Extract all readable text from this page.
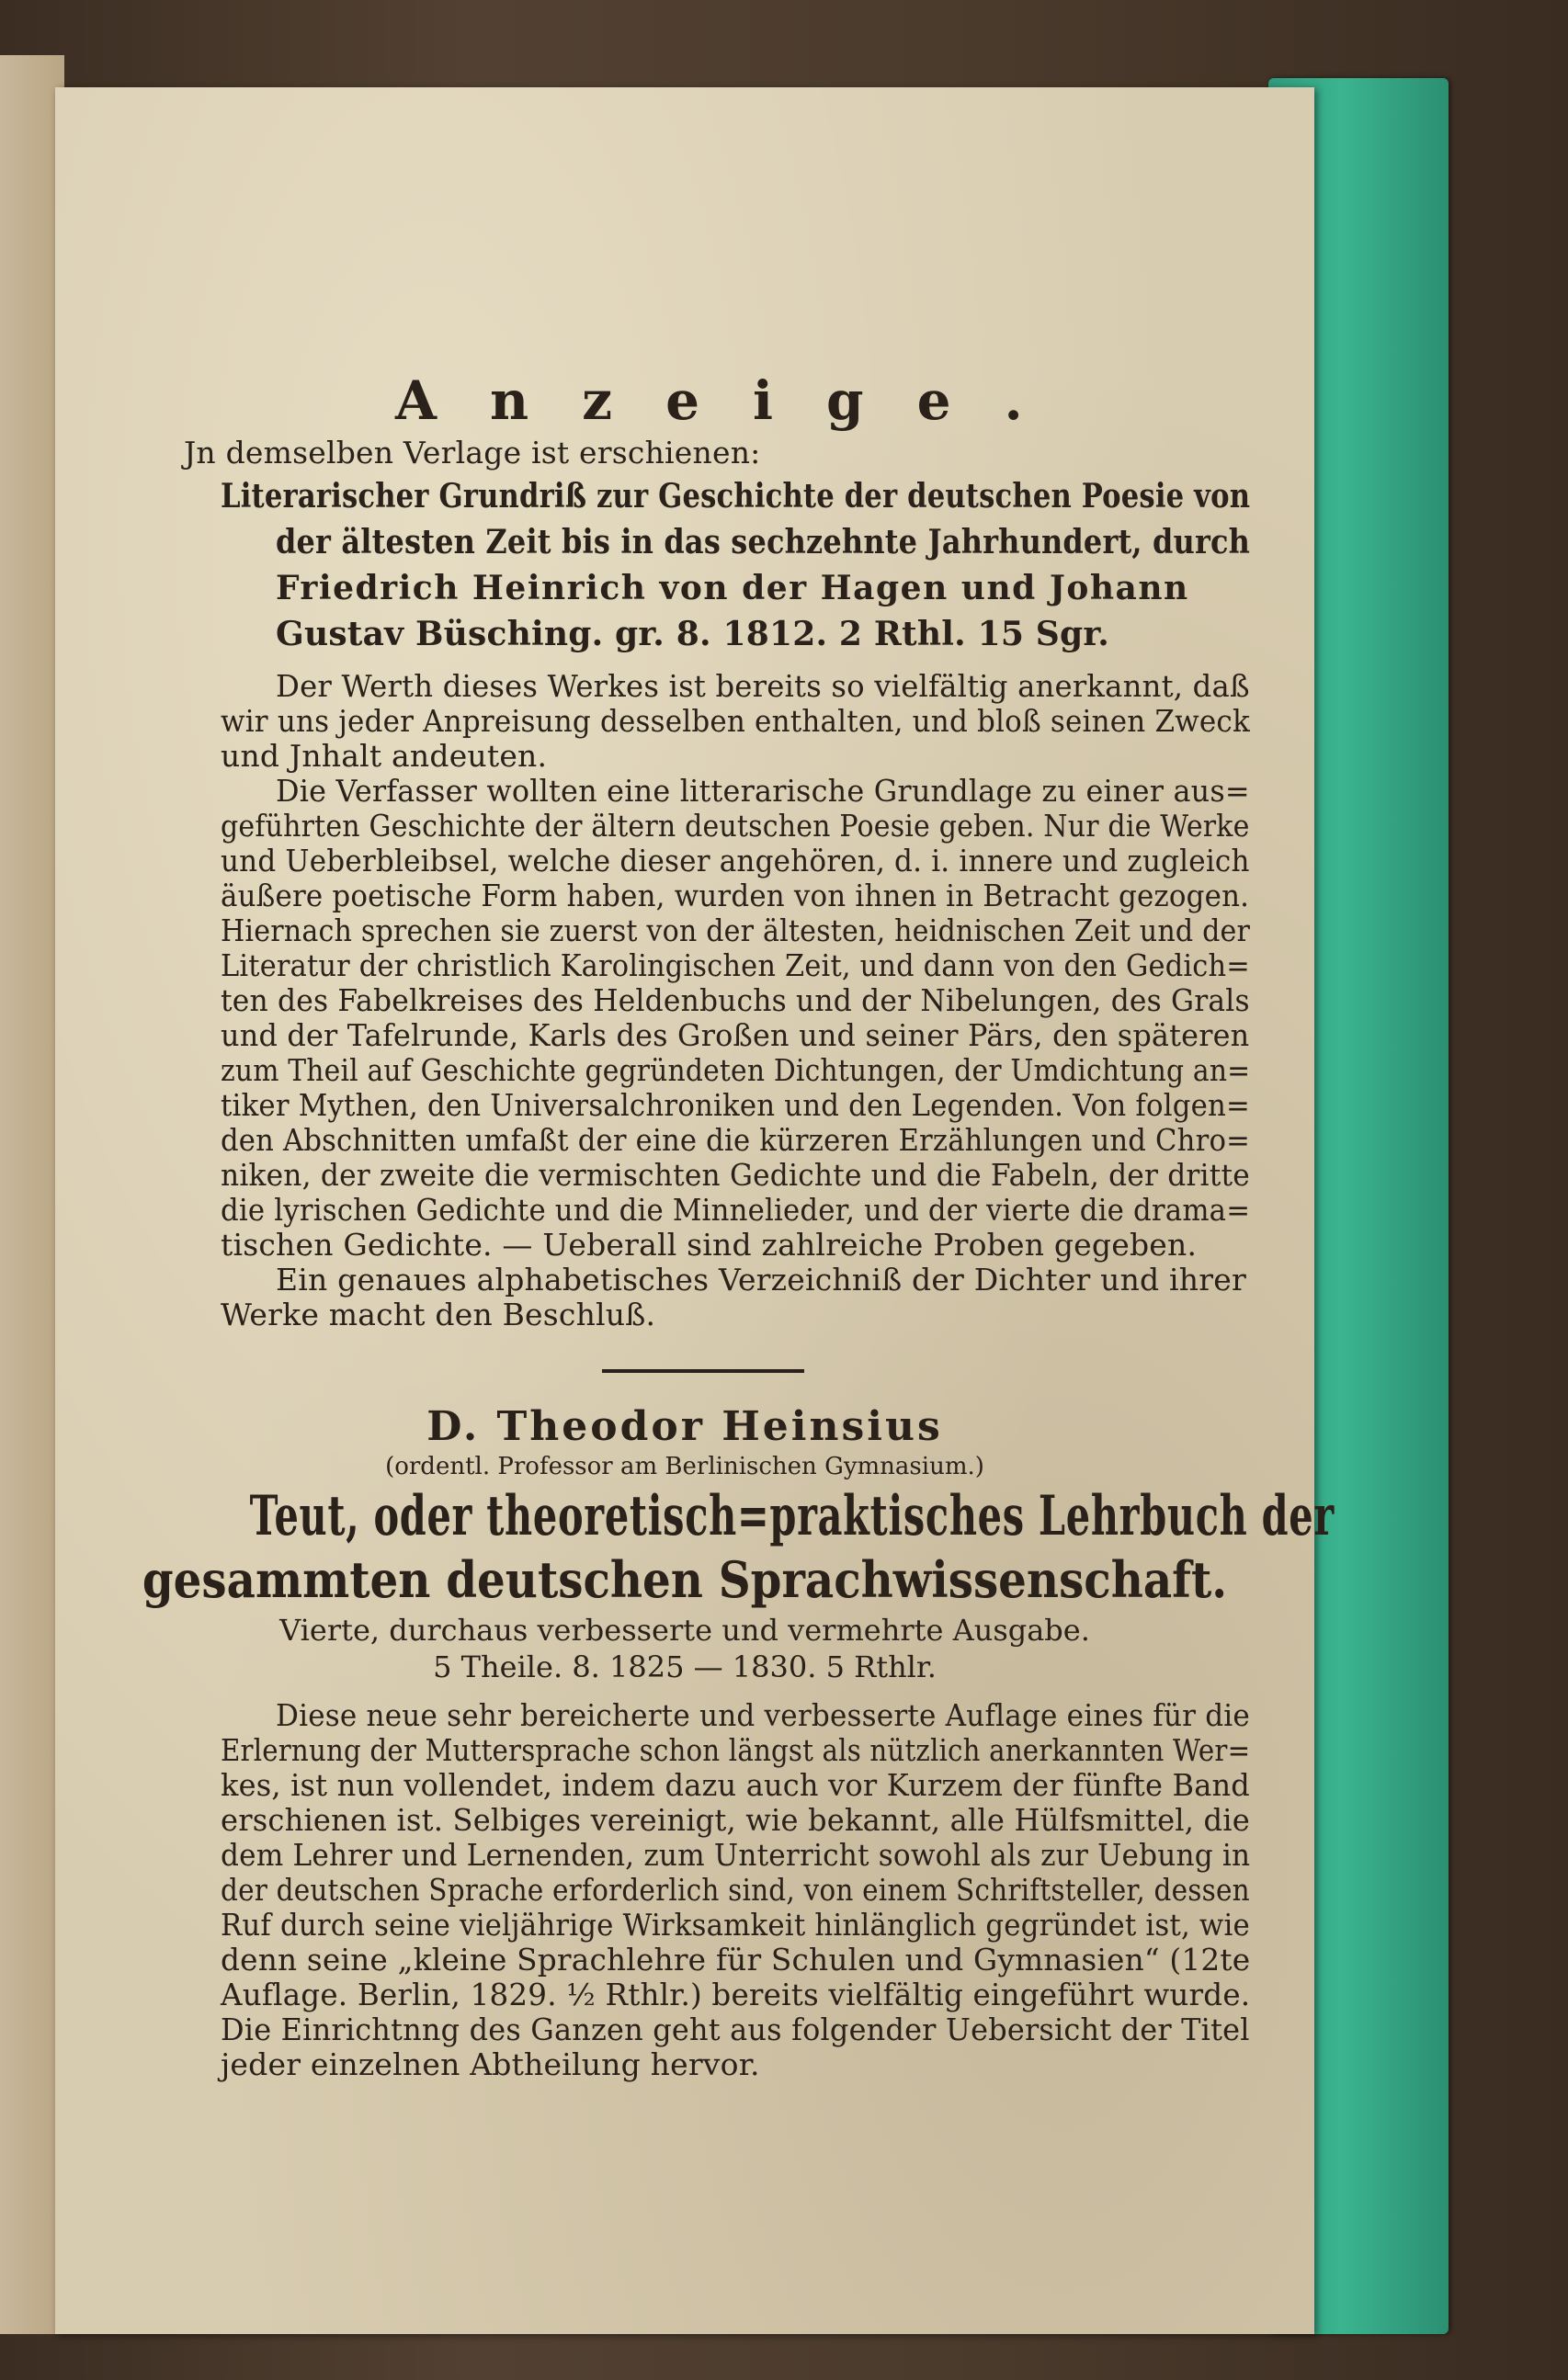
Anzeige.
Jn demselben Verlage ist erschienen:
Literarischer Grundriß zur Geschichte der deutschen Poesie von
der ältesten Zeit bis in das sechzehnte Jahrhundert, durch
Friedrich Heinrich von der Hagen und Johann
Gustav Büsching. gr. 8. 1812. 2 Rthl. 15 Sgr.
Der Werth dieses Werkes ist bereits so vielfältig anerkannt, daß
wir uns jeder Anpreisung desselben enthalten, und bloß seinen Zweck
und Jnhalt andeuten.
Die Verfasser wollten eine litterarische Grundlage zu einer aus=
geführten Geschichte der ältern deutschen Poesie geben. Nur die Werke
und Ueberbleibsel, welche dieser angehören, d. i. innere und zugleich
äußere poetische Form haben, wurden von ihnen in Betracht gezogen.
Hiernach sprechen sie zuerst von der ältesten, heidnischen Zeit und der
Literatur der christlich Karolingischen Zeit, und dann von den Gedich=
ten des Fabelkreises des Heldenbuchs und der Nibelungen, des Grals
und der Tafelrunde, Karls des Großen und seiner Pärs, den späteren
zum Theil auf Geschichte gegründeten Dichtungen, der Umdichtung an=
tiker Mythen, den Universalchroniken und den Legenden. Von folgen=
den Abschnitten umfaßt der eine die kürzeren Erzählungen und Chro=
niken, der zweite die vermischten Gedichte und die Fabeln, der dritte
die lyrischen Gedichte und die Minnelieder, und der vierte die drama=
tischen Gedichte. — Ueberall sind zahlreiche Proben gegeben.
Ein genaues alphabetisches Verzeichniß der Dichter und ihrer
Werke macht den Beschluß.
D. Theodor Heinsius
(ordentl. Professor am Berlinischen Gymnasium.)
Teut, oder theoretisch=praktisches Lehrbuch der
gesammten deutschen Sprachwissenschaft.
Vierte, durchaus verbesserte und vermehrte Ausgabe.
5 Theile. 8. 1825 — 1830. 5 Rthlr.
Diese neue sehr bereicherte und verbesserte Auflage eines für die
Erlernung der Muttersprache schon längst als nützlich anerkannten Wer=
kes, ist nun vollendet, indem dazu auch vor Kurzem der fünfte Band
erschienen ist. Selbiges vereinigt, wie bekannt, alle Hülfsmittel, die
dem Lehrer und Lernenden, zum Unterricht sowohl als zur Uebung in
der deutschen Sprache erforderlich sind, von einem Schriftsteller, dessen
Ruf durch seine vieljährige Wirksamkeit hinlänglich gegründet ist, wie
denn seine „kleine Sprachlehre für Schulen und Gymnasien“ (12te
Auflage. Berlin, 1829. ½ Rthlr.) bereits vielfältig eingeführt wurde.
Die Einrichtnng des Ganzen geht aus folgender Uebersicht der Titel
jeder einzelnen Abtheilung hervor.
